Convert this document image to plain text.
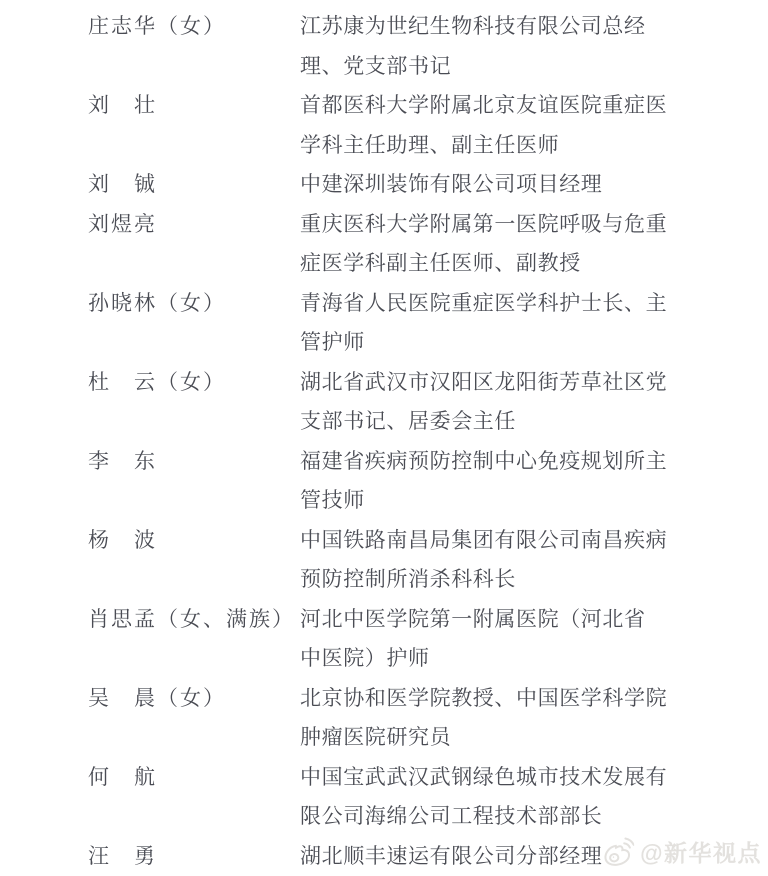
庄志华（女）	江苏康为世纪生物科技有限公司总经
理、党支部书记
刘　壮	首都医科大学附属北京友谊医院重症医
学科主任助理、副主任医师
刘　铖	中建深圳装饰有限公司项目经理
刘煜亮	重庆医科大学附属第一医院呼吸与危重
症医学科副主任医师、副教授
孙晓林（女）	青海省人民医院重症医学科护士长、主
管护师
杜　云（女）	湖北省武汉市汉阳区龙阳街芳草社区党
支部书记、居委会主任
李　东	福建省疾病预防控制中心免疫规划所主
管技师
杨　波	中国铁路南昌局集团有限公司南昌疾病
预防控制所消杀科科长
肖思孟（女、满族） 河北中医学院第一附属医院（河北省
中医院）护师
吴　晨（女）	北京协和医学院教授、中国医学科学院
肿瘤医院研究员
何　航	中国宝武武汉武钢绿色城市技术发展有
限公司海绵公司工程技术部部长
汪　勇	湖北顺丰速运有限公司分部经理	@新华视点
